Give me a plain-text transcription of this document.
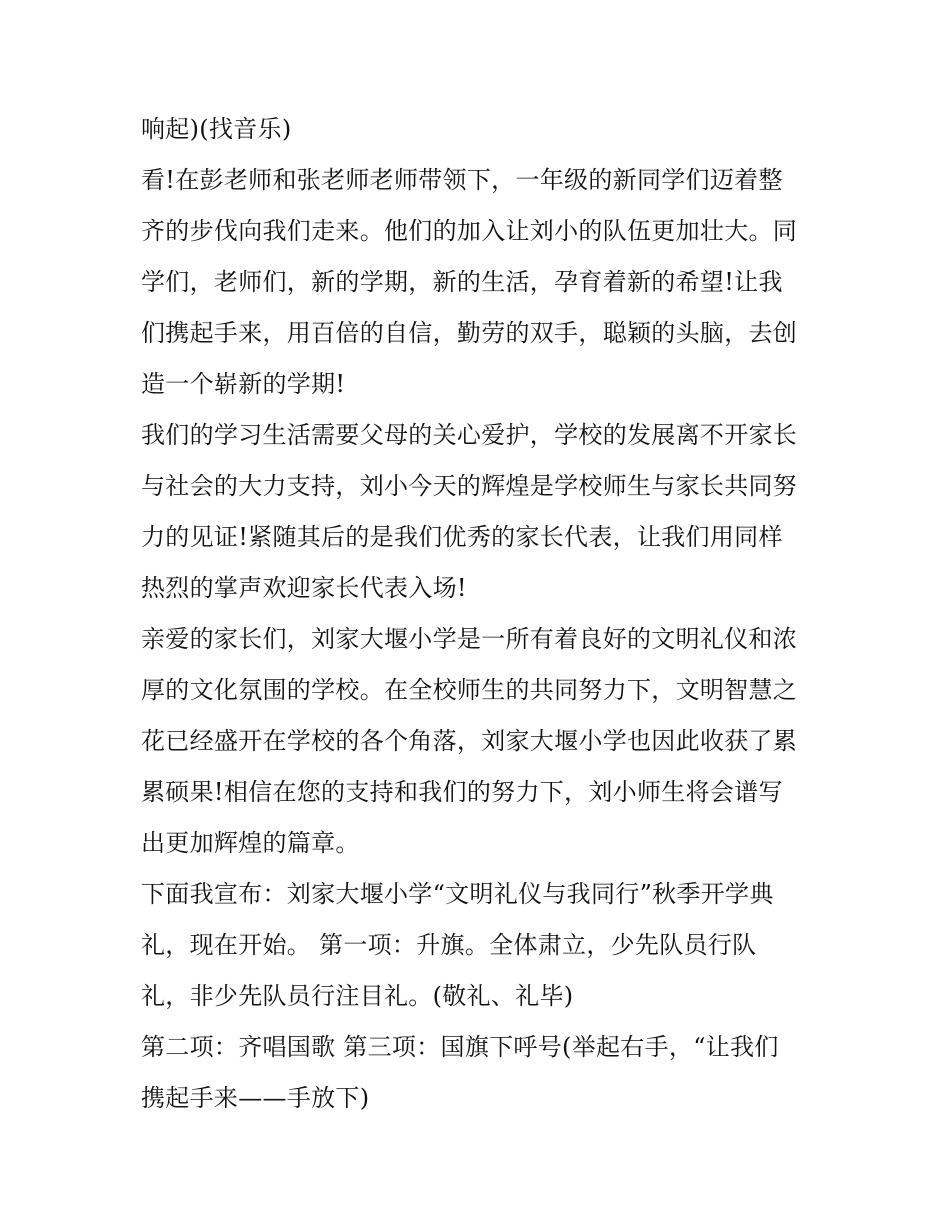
响起)(找音乐)
看!在彭老师和张老师老师带领下，一年级的新同学们迈着整
齐的步伐向我们走来。他们的加入让刘小的队伍更加壮大。同
学们，老师们，新的学期，新的生活，孕育着新的希望!让我
们携起手来，用百倍的自信，勤劳的双手，聪颖的头脑，去创
造一个崭新的学期!
我们的学习生活需要父母的关心爱护，学校的发展离不开家长
与社会的大力支持，刘小今天的辉煌是学校师生与家长共同努
力的见证!紧随其后的是我们优秀的家长代表，让我们用同样
热烈的掌声欢迎家长代表入场!
亲爱的家长们，刘家大堰小学是一所有着良好的文明礼仪和浓
厚的文化氛围的学校。在全校师生的共同努力下，文明智慧之
花已经盛开在学校的各个角落，刘家大堰小学也因此收获了累
累硕果!相信在您的支持和我们的努力下，刘小师生将会谱写
出更加辉煌的篇章。
下面我宣布：刘家大堰小学“文明礼仪与我同行”秋季开学典
礼，现在开始。 第一项：升旗。全体肃立，少先队员行队
礼，非少先队员行注目礼。(敬礼、礼毕)
第二项：齐唱国歌 第三项：国旗下呼号(举起右手，“让我们
携起手来——手放下)
